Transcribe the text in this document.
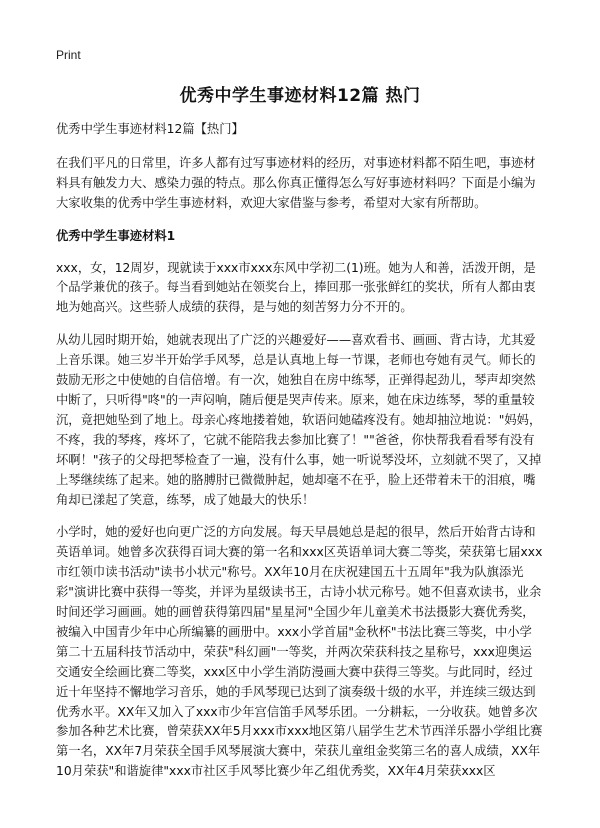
Print
优秀中学生事迹材料12篇 热门

优秀中学生事迹材料12篇【热门】

在我们平凡的日常里，许多人都有过写事迹材料的经历，对事迹材料都不陌生吧，事迹材料具有触发力大、感染力强的特点。那么你真正懂得怎么写好事迹材料吗？下面是小编为大家收集的优秀中学生事迹材料，欢迎大家借鉴与参考，希望对大家有所帮助。

优秀中学生事迹材料1

xxx，女，12周岁，现就读于xxx市xxx东风中学初二(1)班。她为人和善，活泼开朗，是个品学兼优的孩子。每当看到她站在领奖台上，捧回那一张张鲜红的奖状，所有人都由衷地为她高兴。这些骄人成绩的获得，是与她的刻苦努力分不开的。

从幼儿园时期开始，她就表现出了广泛的兴趣爱好——喜欢看书、画画、背古诗，尤其爱上音乐课。她三岁半开始学手风琴，总是认真地上每一节课，老师也夸她有灵气。师长的鼓励无形之中使她的自信倍增。有一次，她独自在房中练琴，正弹得起劲儿，琴声却突然中断了，只听得"咚"的一声闷响，随后便是哭声传来。原来，她在床边练琴，琴的重量较沉，竟把她坠到了地上。母亲心疼地搂着她，软语问她磕疼没有。她却抽泣地说："妈妈，不疼，我的琴疼，疼坏了，它就不能陪我去参加比赛了！""爸爸，你快帮我看看琴有没有坏啊！"孩子的父母把琴检查了一遍，没有什么事，她一听说琴没坏，立刻就不哭了，又掉上琴继续练了起来。她的胳膊肘已微微肿起，她却毫不在乎，脸上还带着未干的泪痕，嘴角却已漾起了笑意，练琴，成了她最大的快乐！

小学时，她的爱好也向更广泛的方向发展。每天早晨她总是起的很早，然后开始背古诗和英语单词。她曾多次获得百词大赛的第一名和xxx区英语单词大赛二等奖，荣获第七届xxx市红领巾读书活动"读书小状元"称号。XX年10月在庆祝建国五十五周年"我为队旗添光彩"演讲比赛中获得一等奖，并评为星级读书王，古诗小状元称号。她不但喜欢读书，业余时间还学习画画。她的画曾获得第四届"星星河"全国少年儿童美术书法摄影大赛优秀奖，被编入中国青少年中心所编纂的画册中。xxx小学首届"金秋杯"书法比赛三等奖，中小学第二十五届科技节活动中，荣获"科幻画"一等奖，并两次荣获科技之星称号，xxx迎奥运交通安全绘画比赛二等奖，xxx区中小学生消防漫画大赛中获得三等奖。与此同时，经过近十年坚持不懈地学习音乐，她的手风琴现已达到了演奏级十级的水平，并连续三级达到优秀水平。XX年又加入了xxx市少年宫信笛手风琴乐团。一分耕耘，一分收获。她曾多次参加各种艺术比赛，曾荣获XX年5月xxx市xxx地区第八届学生艺术节西洋乐器小学组比赛第一名，XX年7月荣获全国手风琴展演大赛中，荣获儿童组金奖第三名的喜人成绩，XX年10月荣获"和谐旋律"xxx市社区手风琴比赛少年乙组优秀奖，XX年4月荣获xxx区
